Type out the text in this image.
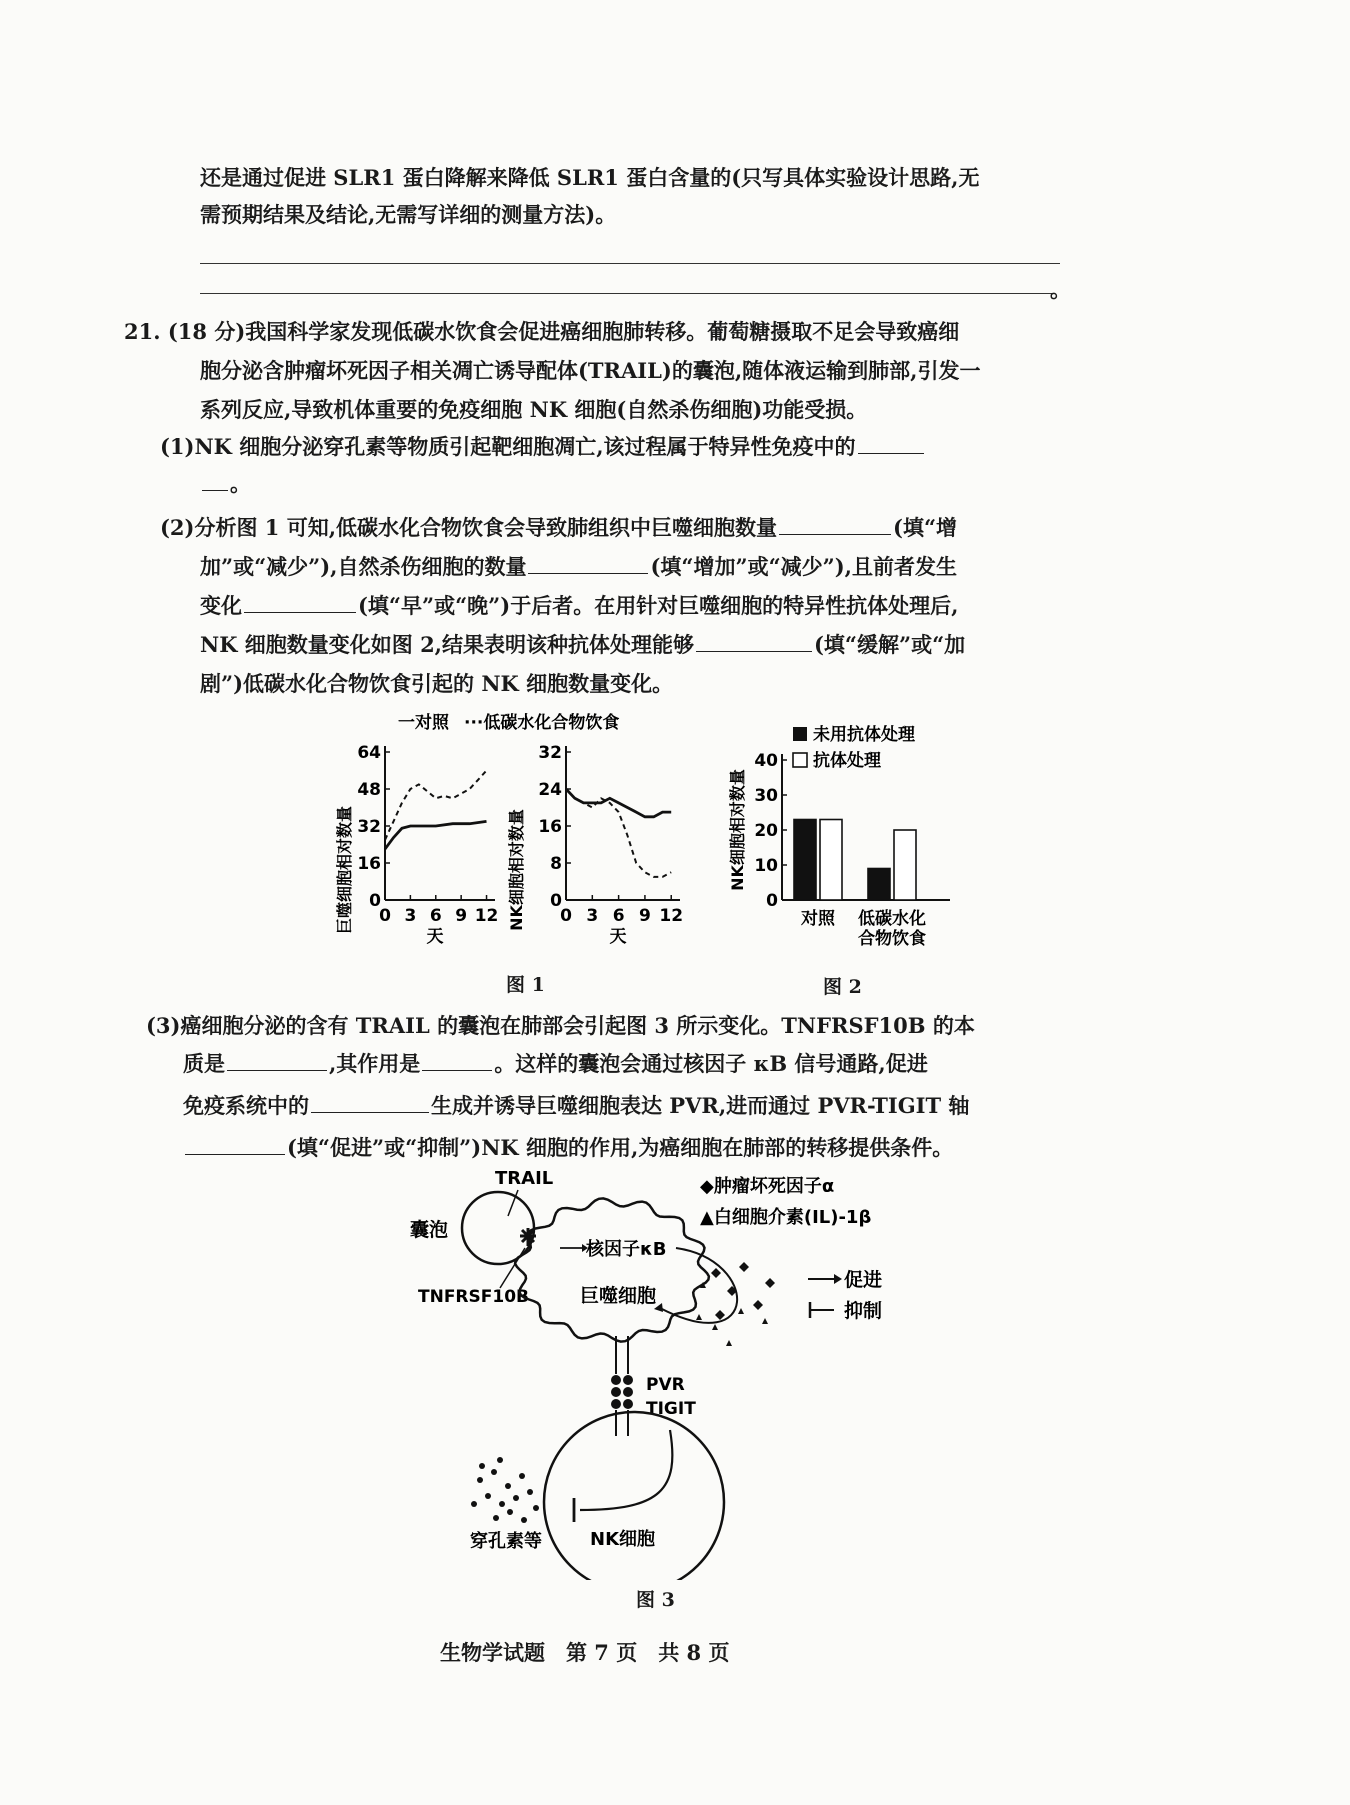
还是通过促进 SLR1 蛋白降解来降低 SLR1 蛋白含量的(只写具体实验设计思路,无
需预期结果及结论,无需写详细的测量方法)。
。
21. (18 分)我国科学家发现低碳水饮食会促进癌细胞肺转移。葡萄糖摄取不足会导致癌细
胞分泌含肿瘤坏死因子相关凋亡诱导配体(TRAIL)的囊泡,随体液运输到肺部,引发一
系列反应,导致机体重要的免疫细胞 NK 细胞(自然杀伤细胞)功能受损。
(1)NK 细胞分泌穿孔素等物质引起靶细胞凋亡,该过程属于特异性免疫中的
。
(2)分析图 1 可知,低碳水化合物饮食会导致肺组织中巨噬细胞数量	(填“增
加”或“减少”),自然杀伤细胞的数量	(填“增加”或“减少”),且前者发生
变化	(填“早”或“晚”)于后者。在用针对巨噬细胞的特异性抗体处理后,
NK 细胞数量变化如图 2,结果表明该种抗体处理能够	(填“缓解”或“加
剧”)低碳水化合物饮食引起的 NK 细胞数量变化。
一对照 ···低碳水化合物饮食
巨噬细胞相对数量
天
0
16
32
48
64
0 3 6 9 12 NK细胞相对数量
天
0
8
16
24
32
0 3 6 9 12
未用抗体处理
抗体处理
NK细胞相对数量
0
10
20
30
40
对照 低碳水化
合物饮食
图 1	图 2
(3)癌细胞分泌的含有 TRAIL 的囊泡在肺部会引起图 3 所示变化。TNFRSF10B 的本
质是	,其作用是	。这样的囊泡会通过核因子 κB 信号通路,促进
免疫系统中的	生成并诱导巨噬细胞表达 PVR,进而通过 PVR-TIGIT 轴
(填“促进”或“抑制”)NK 细胞的作用,为癌细胞在肺部的转移提供条件。
囊泡
TRAIL
TNFRSF10B	巨噬细胞
核因子κB
◆肿瘤坏死因子α
▲白细胞介素(IL)-1β
促进
抑制
PVR
TIGIT
NK细胞
穿孔素等
图 3
生物学试题　第 7 页　共 8 页
